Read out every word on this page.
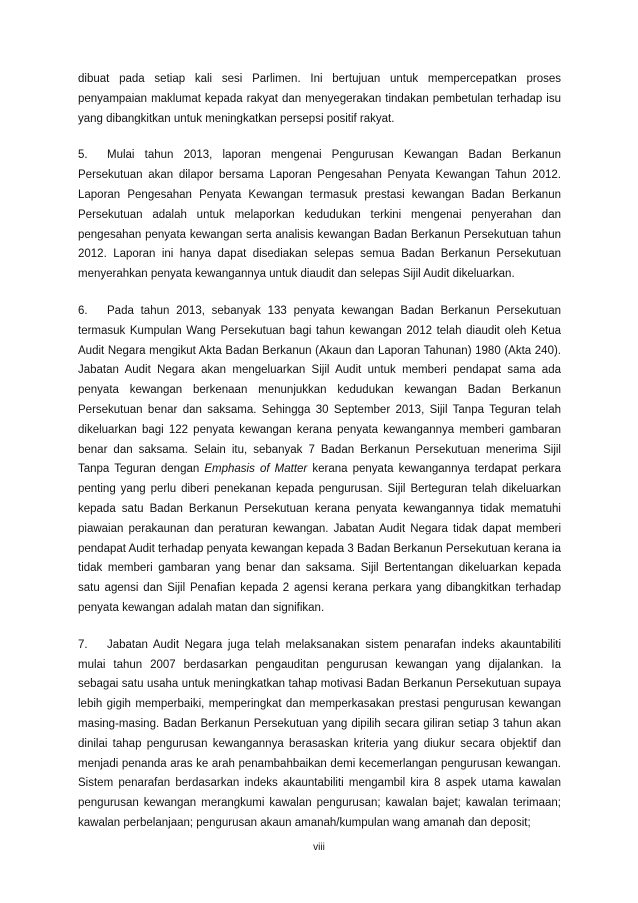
dibuat pada setiap kali sesi Parlimen. Ini bertujuan untuk mempercepatkan proses penyampaian maklumat kepada rakyat dan menyegerakan tindakan pembetulan terhadap isu yang dibangkitkan untuk meningkatkan persepsi positif rakyat.

5. Mulai tahun 2013, laporan mengenai Pengurusan Kewangan Badan Berkanun Persekutuan akan dilapor bersama Laporan Pengesahan Penyata Kewangan Tahun 2012. Laporan Pengesahan Penyata Kewangan termasuk prestasi kewangan Badan Berkanun Persekutuan adalah untuk melaporkan kedudukan terkini mengenai penyerahan dan pengesahan penyata kewangan serta analisis kewangan Badan Berkanun Persekutuan tahun 2012. Laporan ini hanya dapat disediakan selepas semua Badan Berkanun Persekutuan menyerahkan penyata kewangannya untuk diaudit dan selepas Sijil Audit dikeluarkan.

6. Pada tahun 2013, sebanyak 133 penyata kewangan Badan Berkanun Persekutuan termasuk Kumpulan Wang Persekutuan bagi tahun kewangan 2012 telah diaudit oleh Ketua Audit Negara mengikut Akta Badan Berkanun (Akaun dan Laporan Tahunan) 1980 (Akta 240). Jabatan Audit Negara akan mengeluarkan Sijil Audit untuk memberi pendapat sama ada penyata kewangan berkenaan menunjukkan kedudukan kewangan Badan Berkanun Persekutuan benar dan saksama. Sehingga 30 September 2013, Sijil Tanpa Teguran telah dikeluarkan bagi 122 penyata kewangan kerana penyata kewangannya memberi gambaran benar dan saksama. Selain itu, sebanyak 7 Badan Berkanun Persekutuan menerima Sijil Tanpa Teguran dengan Emphasis of Matter kerana penyata kewangannya terdapat perkara penting yang perlu diberi penekanan kepada pengurusan. Sijil Berteguran telah dikeluarkan kepada satu Badan Berkanun Persekutuan kerana penyata kewangannya tidak mematuhi piawaian perakaunan dan peraturan kewangan. Jabatan Audit Negara tidak dapat memberi pendapat Audit terhadap penyata kewangan kepada 3 Badan Berkanun Persekutuan kerana ia tidak memberi gambaran yang benar dan saksama. Sijil Bertentangan dikeluarkan kepada satu agensi dan Sijil Penafian kepada 2 agensi kerana perkara yang dibangkitkan terhadap penyata kewangan adalah matan dan signifikan.

7. Jabatan Audit Negara juga telah melaksanakan sistem penarafan indeks akauntabiliti mulai tahun 2007 berdasarkan pengauditan pengurusan kewangan yang dijalankan. Ia sebagai satu usaha untuk meningkatkan tahap motivasi Badan Berkanun Persekutuan supaya lebih gigih memperbaiki, memperingkat dan memperkasakan prestasi pengurusan kewangan masing-masing. Badan Berkanun Persekutuan yang dipilih secara giliran setiap 3 tahun akan dinilai tahap pengurusan kewangannya berasaskan kriteria yang diukur secara objektif dan menjadi penanda aras ke arah penambahbaikan demi kecemerlangan pengurusan kewangan. Sistem penarafan berdasarkan indeks akauntabiliti mengambil kira 8 aspek utama kawalan pengurusan kewangan merangkumi kawalan pengurusan; kawalan bajet; kawalan terimaan; kawalan perbelanjaan; pengurusan akaun amanah/kumpulan wang amanah dan deposit;

viii
